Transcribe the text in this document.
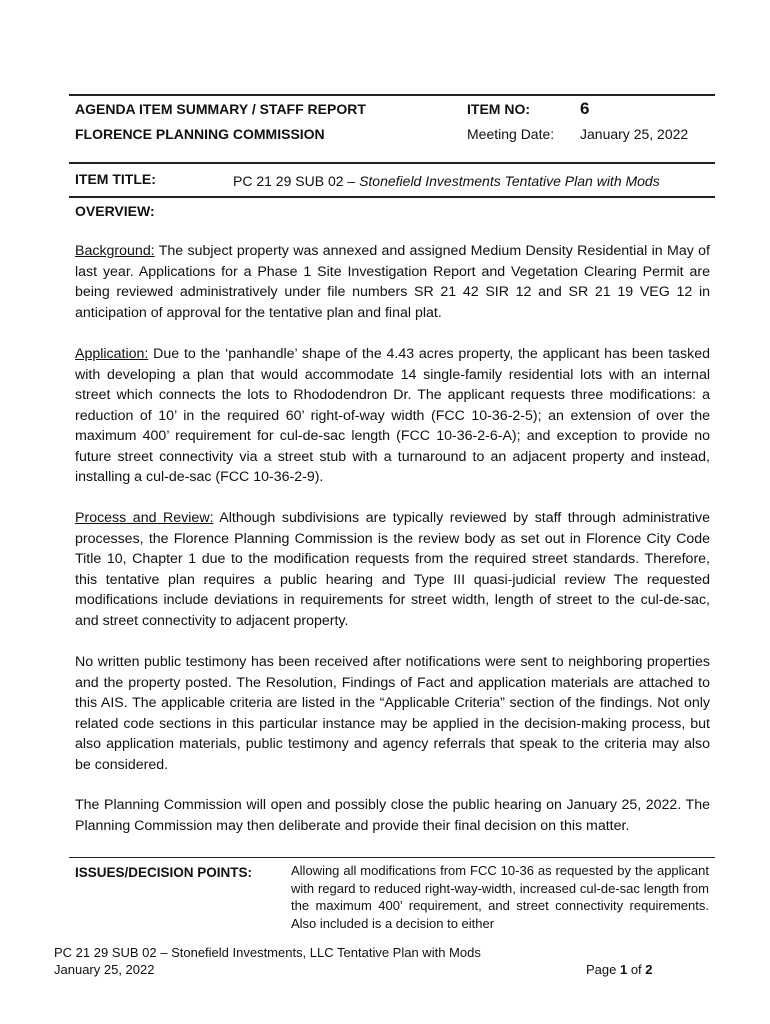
AGENDA ITEM SUMMARY / STAFF REPORT
FLORENCE PLANNING COMMISSION
ITEM NO:	6
Meeting Date: January 25, 2022
ITEM TITLE:	PC 21 29 SUB 02 – Stonefield Investments Tentative Plan with Mods
OVERVIEW:

Background: The subject property was annexed and assigned Medium Density Residential in May of last year. Applications for a Phase 1 Site Investigation Report and Vegetation Clearing Permit are being reviewed administratively under file numbers SR 21 42 SIR 12 and SR 21 19 VEG 12 in anticipation of approval for the tentative plan and final plat.

Application: Due to the ‘panhandle’ shape of the 4.43 acres property, the applicant has been tasked with developing a plan that would accommodate 14 single-family residential lots with an internal street which connects the lots to Rhododendron Dr. The applicant requests three modifications: a reduction of 10’ in the required 60’ right-of-way width (FCC 10-36-2-5); an extension of over the maximum 400’ requirement for cul-de-sac length (FCC 10-36-2-6-A); and exception to provide no future street connectivity via a street stub with a turnaround to an adjacent property and instead, installing a cul-de-sac (FCC 10-36-2-9).

Process and Review: Although subdivisions are typically reviewed by staff through administrative processes, the Florence Planning Commission is the review body as set out in Florence City Code Title 10, Chapter 1 due to the modification requests from the required street standards. Therefore, this tentative plan requires a public hearing and Type III quasi-judicial review The requested modifications include deviations in requirements for street width, length of street to the cul-de-sac, and street connectivity to adjacent property.

No written public testimony has been received after notifications were sent to neighboring properties and the property posted. The Resolution, Findings of Fact and application materials are attached to this AIS. The applicable criteria are listed in the “Applicable Criteria” section of the findings. Not only related code sections in this particular instance may be applied in the decision-making process, but also application materials, public testimony and agency referrals that speak to the criteria may also be considered.

The Planning Commission will open and possibly close the public hearing on January 25, 2022. The Planning Commission may then deliberate and provide their final decision on this matter.

ISSUES/DECISION POINTS:	Allowing all modifications from FCC 10-36 as requested by the applicant with regard to reduced right-way-width, increased cul-de-sac length from the maximum 400’ requirement, and street connectivity requirements. Also included is a decision to either

PC 21 29 SUB 02 – Stonefield Investments, LLC Tentative Plan with Mods
January 25, 2022	Page 1 of 2
